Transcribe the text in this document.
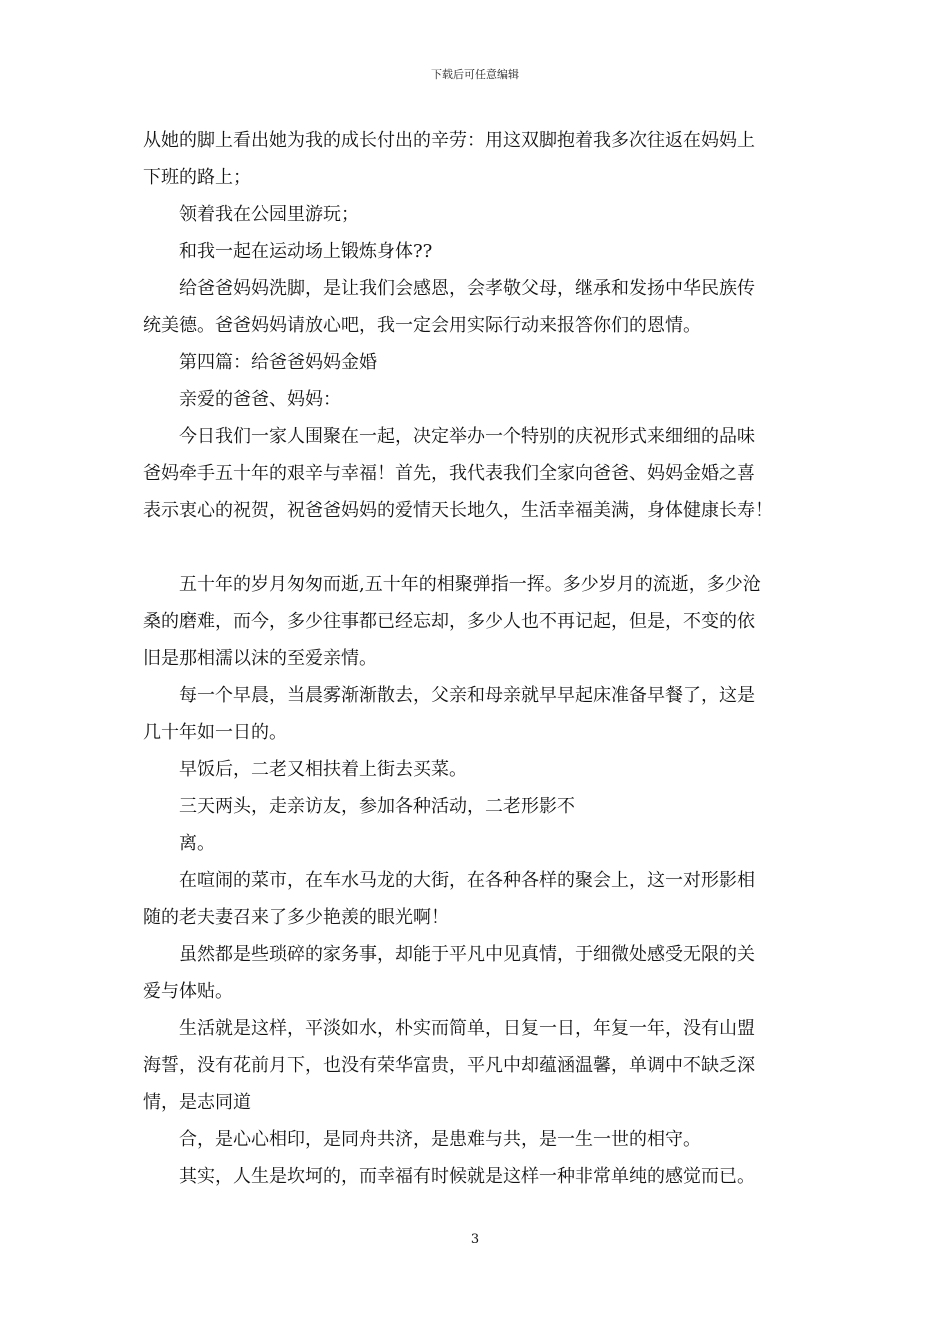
下载后可任意编辑
从她的脚上看出她为我的成长付出的辛劳：用这双脚抱着我多次往返在妈妈上
下班的路上；
领着我在公园里游玩；
和我一起在运动场上锻炼身体??
给爸爸妈妈洗脚，是让我们会感恩，会孝敬父母，继承和发扬中华民族传
统美德。爸爸妈妈请放心吧，我一定会用实际行动来报答你们的恩情。
第四篇：给爸爸妈妈金婚
亲爱的爸爸、妈妈：
今日我们一家人围聚在一起，决定举办一个特别的庆祝形式来细细的品味
爸妈牵手五十年的艰辛与幸福！首先，我代表我们全家向爸爸、妈妈金婚之喜
表示衷心的祝贺，祝爸爸妈妈的爱情天长地久，生活幸福美满，身体健康长寿！
五十年的岁月匆匆而逝,五十年的相聚弹指一挥。多少岁月的流逝，多少沧
桑的磨难，而今，多少往事都已经忘却，多少人也不再记起，但是，不变的依
旧是那相濡以沫的至爱亲情。
每一个早晨，当晨雾渐渐散去，父亲和母亲就早早起床准备早餐了，这是
几十年如一日的。
早饭后，二老又相扶着上街去买菜。
三天两头，走亲访友，参加各种活动，二老形影不
离。
在喧闹的菜市，在车水马龙的大街，在各种各样的聚会上，这一对形影相
随的老夫妻召来了多少艳羡的眼光啊！
虽然都是些琐碎的家务事，却能于平凡中见真情，于细微处感受无限的关
爱与体贴。
生活就是这样，平淡如水，朴实而简单，日复一日，年复一年，没有山盟
海誓，没有花前月下，也没有荣华富贵，平凡中却蕴涵温馨，单调中不缺乏深
情，是志同道
合，是心心相印，是同舟共济，是患难与共，是一生一世的相守。
其实，人生是坎坷的，而幸福有时候就是这样一种非常单纯的感觉而已。
3
